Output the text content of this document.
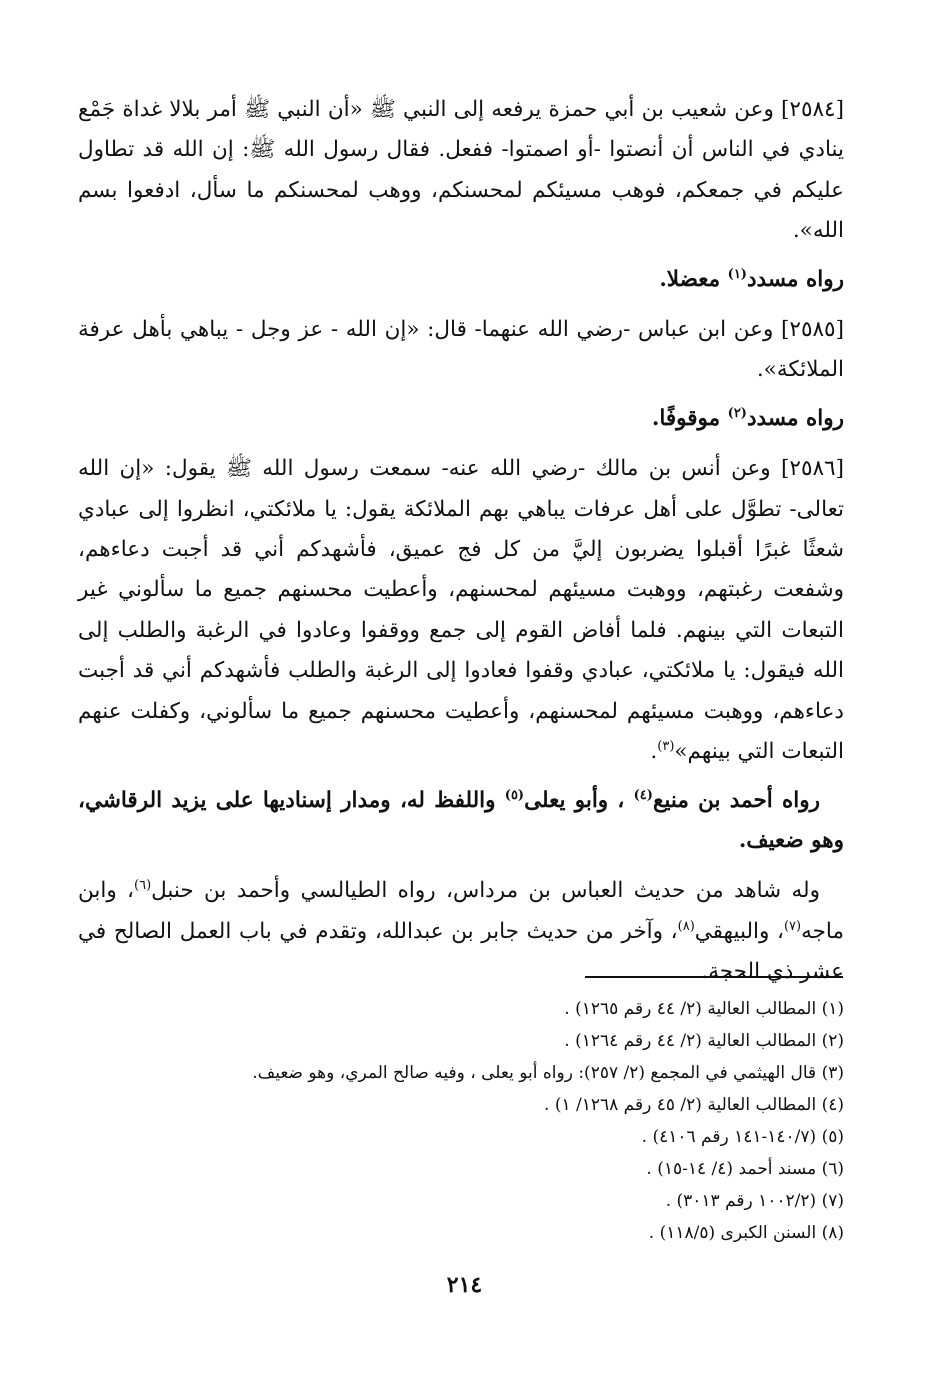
[٢٥٨٤] وعن شعيب بن أبي حمزة يرفعه إلى النبي ﷺ «أن النبي ﷺ أمر بلالا غداة جَمْع ينادي في الناس أن أنصتوا -أو اصمتوا- ففعل. فقال رسول الله ﷺ: إن الله قد تطاول عليكم في جمعكم، فوهب مسيئكم لمحسنكم، ووهب لمحسنكم ما سأل، ادفعوا بسم الله».

رواه مسدد$^{(١)}$ معضلا.

[٢٥٨٥] وعن ابن عباس -رضي الله عنهما- قال: «إن الله - عز وجل - يباهي بأهل عرفة الملائكة».

رواه مسدد$^{(٢)}$ موقوفًا.

[٢٥٨٦] وعن أنس بن مالك -رضي الله عنه- سمعت رسول الله ﷺ يقول: «إن الله تعالى- تطوَّل على أهل عرفات يباهي بهم الملائكة يقول: يا ملائكتي، انظروا إلى عبادي شعثًا غبرًا أقبلوا يضربون إليَّ من كل فج عميق، فأشهدكم أني قد أجبت دعاءهم، وشفعت رغبتهم، ووهبت مسيئهم لمحسنهم، وأعطيت محسنهم جميع ما سألوني غير التبعات التي بينهم. فلما أفاض القوم إلى جمع ووقفوا وعادوا في الرغبة والطلب إلى الله فيقول: يا ملائكتي، عبادي وقفوا فعادوا إلى الرغبة والطلب فأشهدكم أني قد أجبت دعاءهم، ووهبت مسيئهم لمحسنهم، وأعطيت محسنهم جميع ما سألوني، وكفلت عنهم التبعات التي بينهم»$^{(٣)}$.

رواه أحمد بن منيع$^{(٤)}$ ، وأبو يعلى$^{(٥)}$ واللفظ له، ومدار إسناديها على يزيد الرقاشي، وهو ضعيف.

وله شاهد من حديث العباس بن مرداس، رواه الطيالسي وأحمد بن حنبل$^{(٦)}$، وابن ماجه$^{(٧)}$، والبيهقي$^{(٨)}$، وآخر من حديث جابر بن عبدالله، وتقدم في باب العمل الصالح في عشر ذي الحجة.

(١) المطالب العالية (٢/ ٤٤ رقم ١٢٦٥) .
(٢) المطالب العالية (٢/ ٤٤ رقم ١٢٦٤) .
(٣) قال الهيثمي في المجمع (٢/ ٢٥٧): رواه أبو يعلى ، وفيه صالح المري، وهو ضعيف.
(٤) المطالب العالية (٢/ ٤٥ رقم ١٢٦٨/ ١) .
(٥) (١٤٠/٧-١٤١ رقم ٤١٠٦) .
(٦) مسند أحمد (٤/ ١٤-١٥) .
(٧) (١٠٠٢/٢ رقم ٣٠١٣) .
(٨) السنن الكبرى (١١٨/٥) .
٢١٤
